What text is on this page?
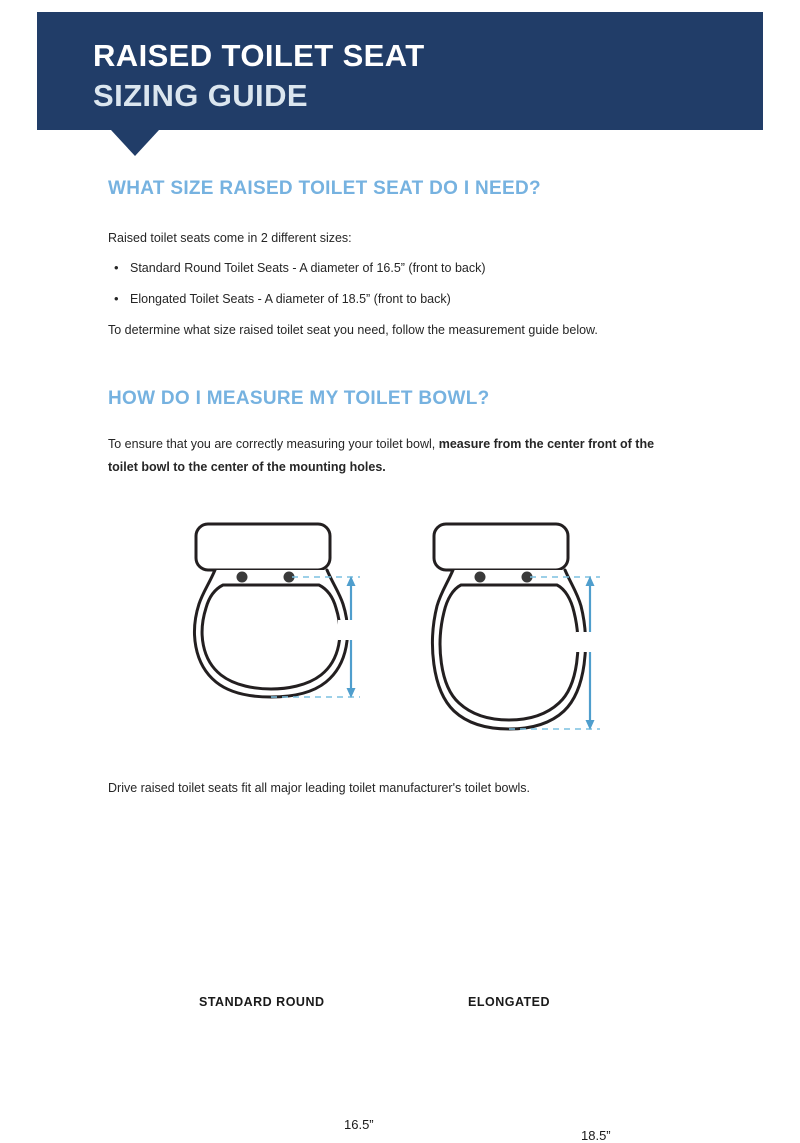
RAISED TOILET SEAT
SIZING GUIDE
WHAT SIZE RAISED TOILET SEAT DO I NEED?

Raised toilet seats come in 2 different sizes:

• Standard Round Toilet Seats - A diameter of 16.5” (front to back)
• Elongated Toilet Seats - A diameter of 18.5” (front to back)

To determine what size raised toilet seat you need, follow the measurement guide below.

HOW DO I MEASURE MY TOILET BOWL?

To ensure that you are correctly measuring your toilet bowl, measure from the center front of the toilet bowl to the center of the mounting holes.

STANDARD ROUND	ELONGATED
16.5”
18.5”

Drive raised toilet seats fit all major leading toilet manufacturer's toilet bowls.
